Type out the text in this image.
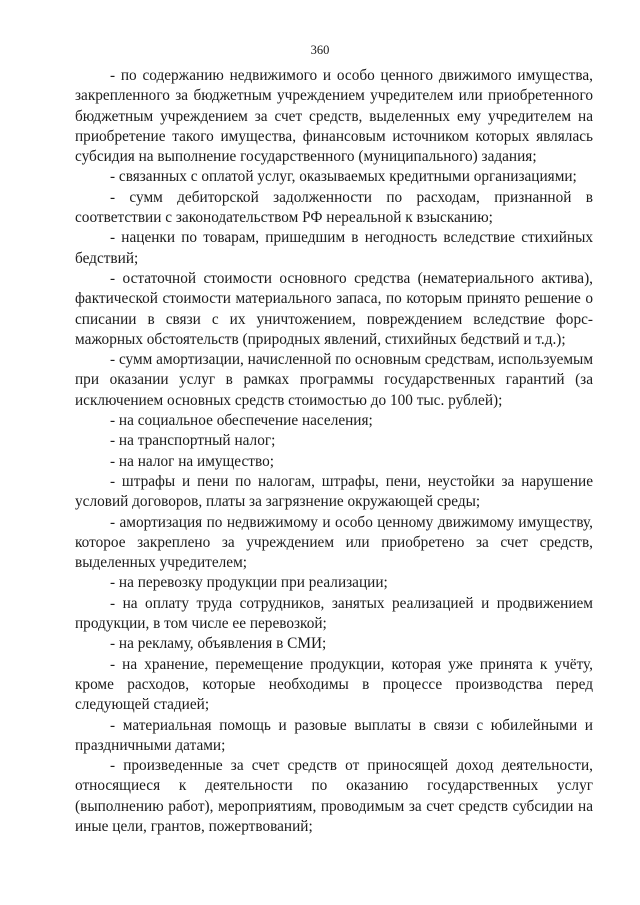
360

- по содержанию недвижимого и особо ценного движимого имущества, закрепленного за бюджетным учреждением учредителем или приобретенного бюджетным учреждением за счет средств, выделенных ему учредителем на приобретение такого имущества, финансовым источником которых являлась субсидия на выполнение государственного (муниципального) задания;

- связанных с оплатой услуг, оказываемых кредитными организациями;

- сумм дебиторской задолженности по расходам, признанной в соответствии с законодательством РФ нереальной к взысканию;

- наценки по товарам, пришедшим в негодность вследствие стихийных бедствий;

- остаточной стоимости основного средства (нематериального актива), фактической стоимости материального запаса, по которым принято решение о списании в связи с их уничтожением, повреждением вследствие форс-мажорных обстоятельств (природных явлений, стихийных бедствий и т.д.);

- сумм амортизации, начисленной по основным средствам, используемым при оказании услуг в рамках программы государственных гарантий (за исключением основных средств стоимостью до 100 тыс. рублей);

- на социальное обеспечение населения;

- на транспортный налог;

- на налог на имущество;

- штрафы и пени по налогам, штрафы, пени, неустойки за нарушение условий договоров, платы за загрязнение окружающей среды;

- амортизация по недвижимому и особо ценному движимому имуществу, которое закреплено за учреждением или приобретено за счет средств, выделенных учредителем;

- на перевозку продукции при реализации;

- на оплату труда сотрудников, занятых реализацией и продвижением продукции, в том числе ее перевозкой;

- на рекламу, объявления в СМИ;

- на хранение, перемещение продукции, которая уже принята к учёту, кроме расходов, которые необходимы в процессе производства перед следующей стадией;

- материальная помощь и разовые выплаты в связи с юбилейными и праздничными датами;

- произведенные за счет средств от приносящей доход деятельности, относящиеся к деятельности по оказанию государственных услуг (выполнению работ), мероприятиям, проводимым за счет средств субсидии на иные цели, грантов, пожертвований;
